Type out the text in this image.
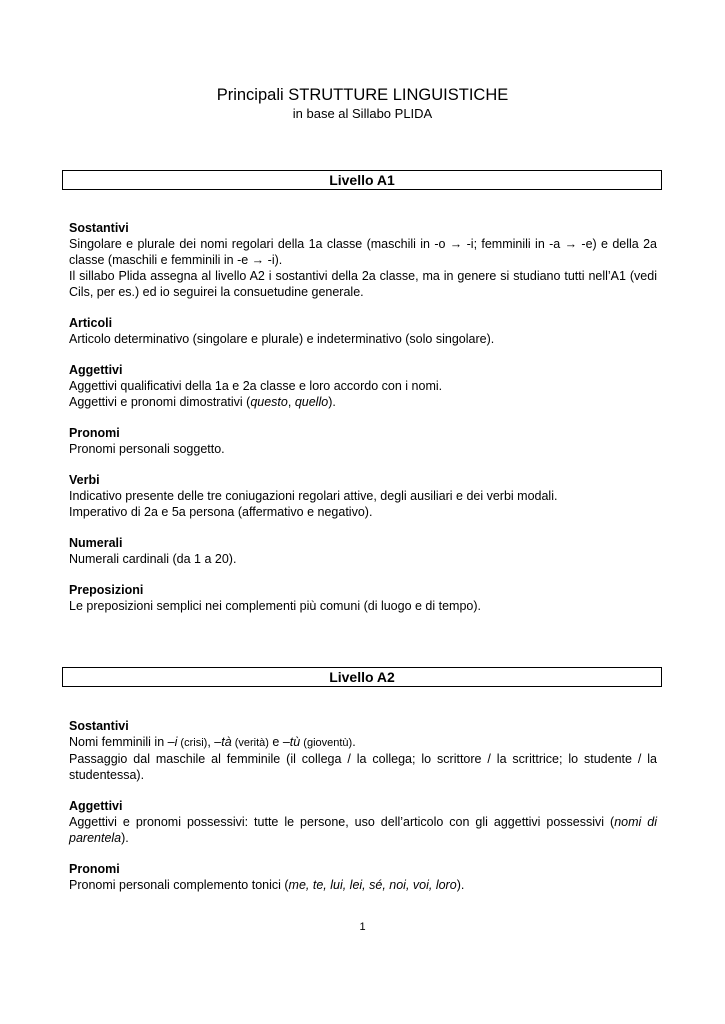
Principali STRUTTURE LINGUISTICHE
in base al Sillabo PLIDA
Livello A1
Sostantivi

Singolare e plurale dei nomi regolari della 1a classe (maschili in -o → -i; femminili in -a → -e) e della 2a classe (maschili e femminili in -e → -i).

Il sillabo Plida assegna al livello A2 i sostantivi della 2a classe, ma in genere si studiano tutti nell’A1 (vedi Cils, per es.) ed io seguirei la consuetudine generale.

Articoli

Articolo determinativo (singolare e plurale) e indeterminativo (solo singolare).

Aggettivi

Aggettivi qualificativi della 1a e 2a classe e loro accordo con i nomi.

Aggettivi e pronomi dimostrativi (questo, quello).

Pronomi

Pronomi personali soggetto.

Verbi

Indicativo presente delle tre coniugazioni regolari attive, degli ausiliari e dei verbi modali.

Imperativo di 2a e 5a persona (affermativo e negativo).

Numerali

Numerali cardinali (da 1 a 20).

Preposizioni

Le preposizioni semplici nei complementi più comuni (di luogo e di tempo).

Livello A2
Sostantivi

Nomi femminili in –i (crisi), –tà (verità) e –tù (gioventù).

Passaggio dal maschile al femminile (il collega / la collega; lo scrittore / la scrittrice; lo studente / la studentessa).

Aggettivi

Aggettivi e pronomi possessivi: tutte le persone, uso dell’articolo con gli aggettivi possessivi (nomi di parentela).

Pronomi

Pronomi personali complemento tonici (me, te, lui, lei, sé, noi, voi, loro).

1
